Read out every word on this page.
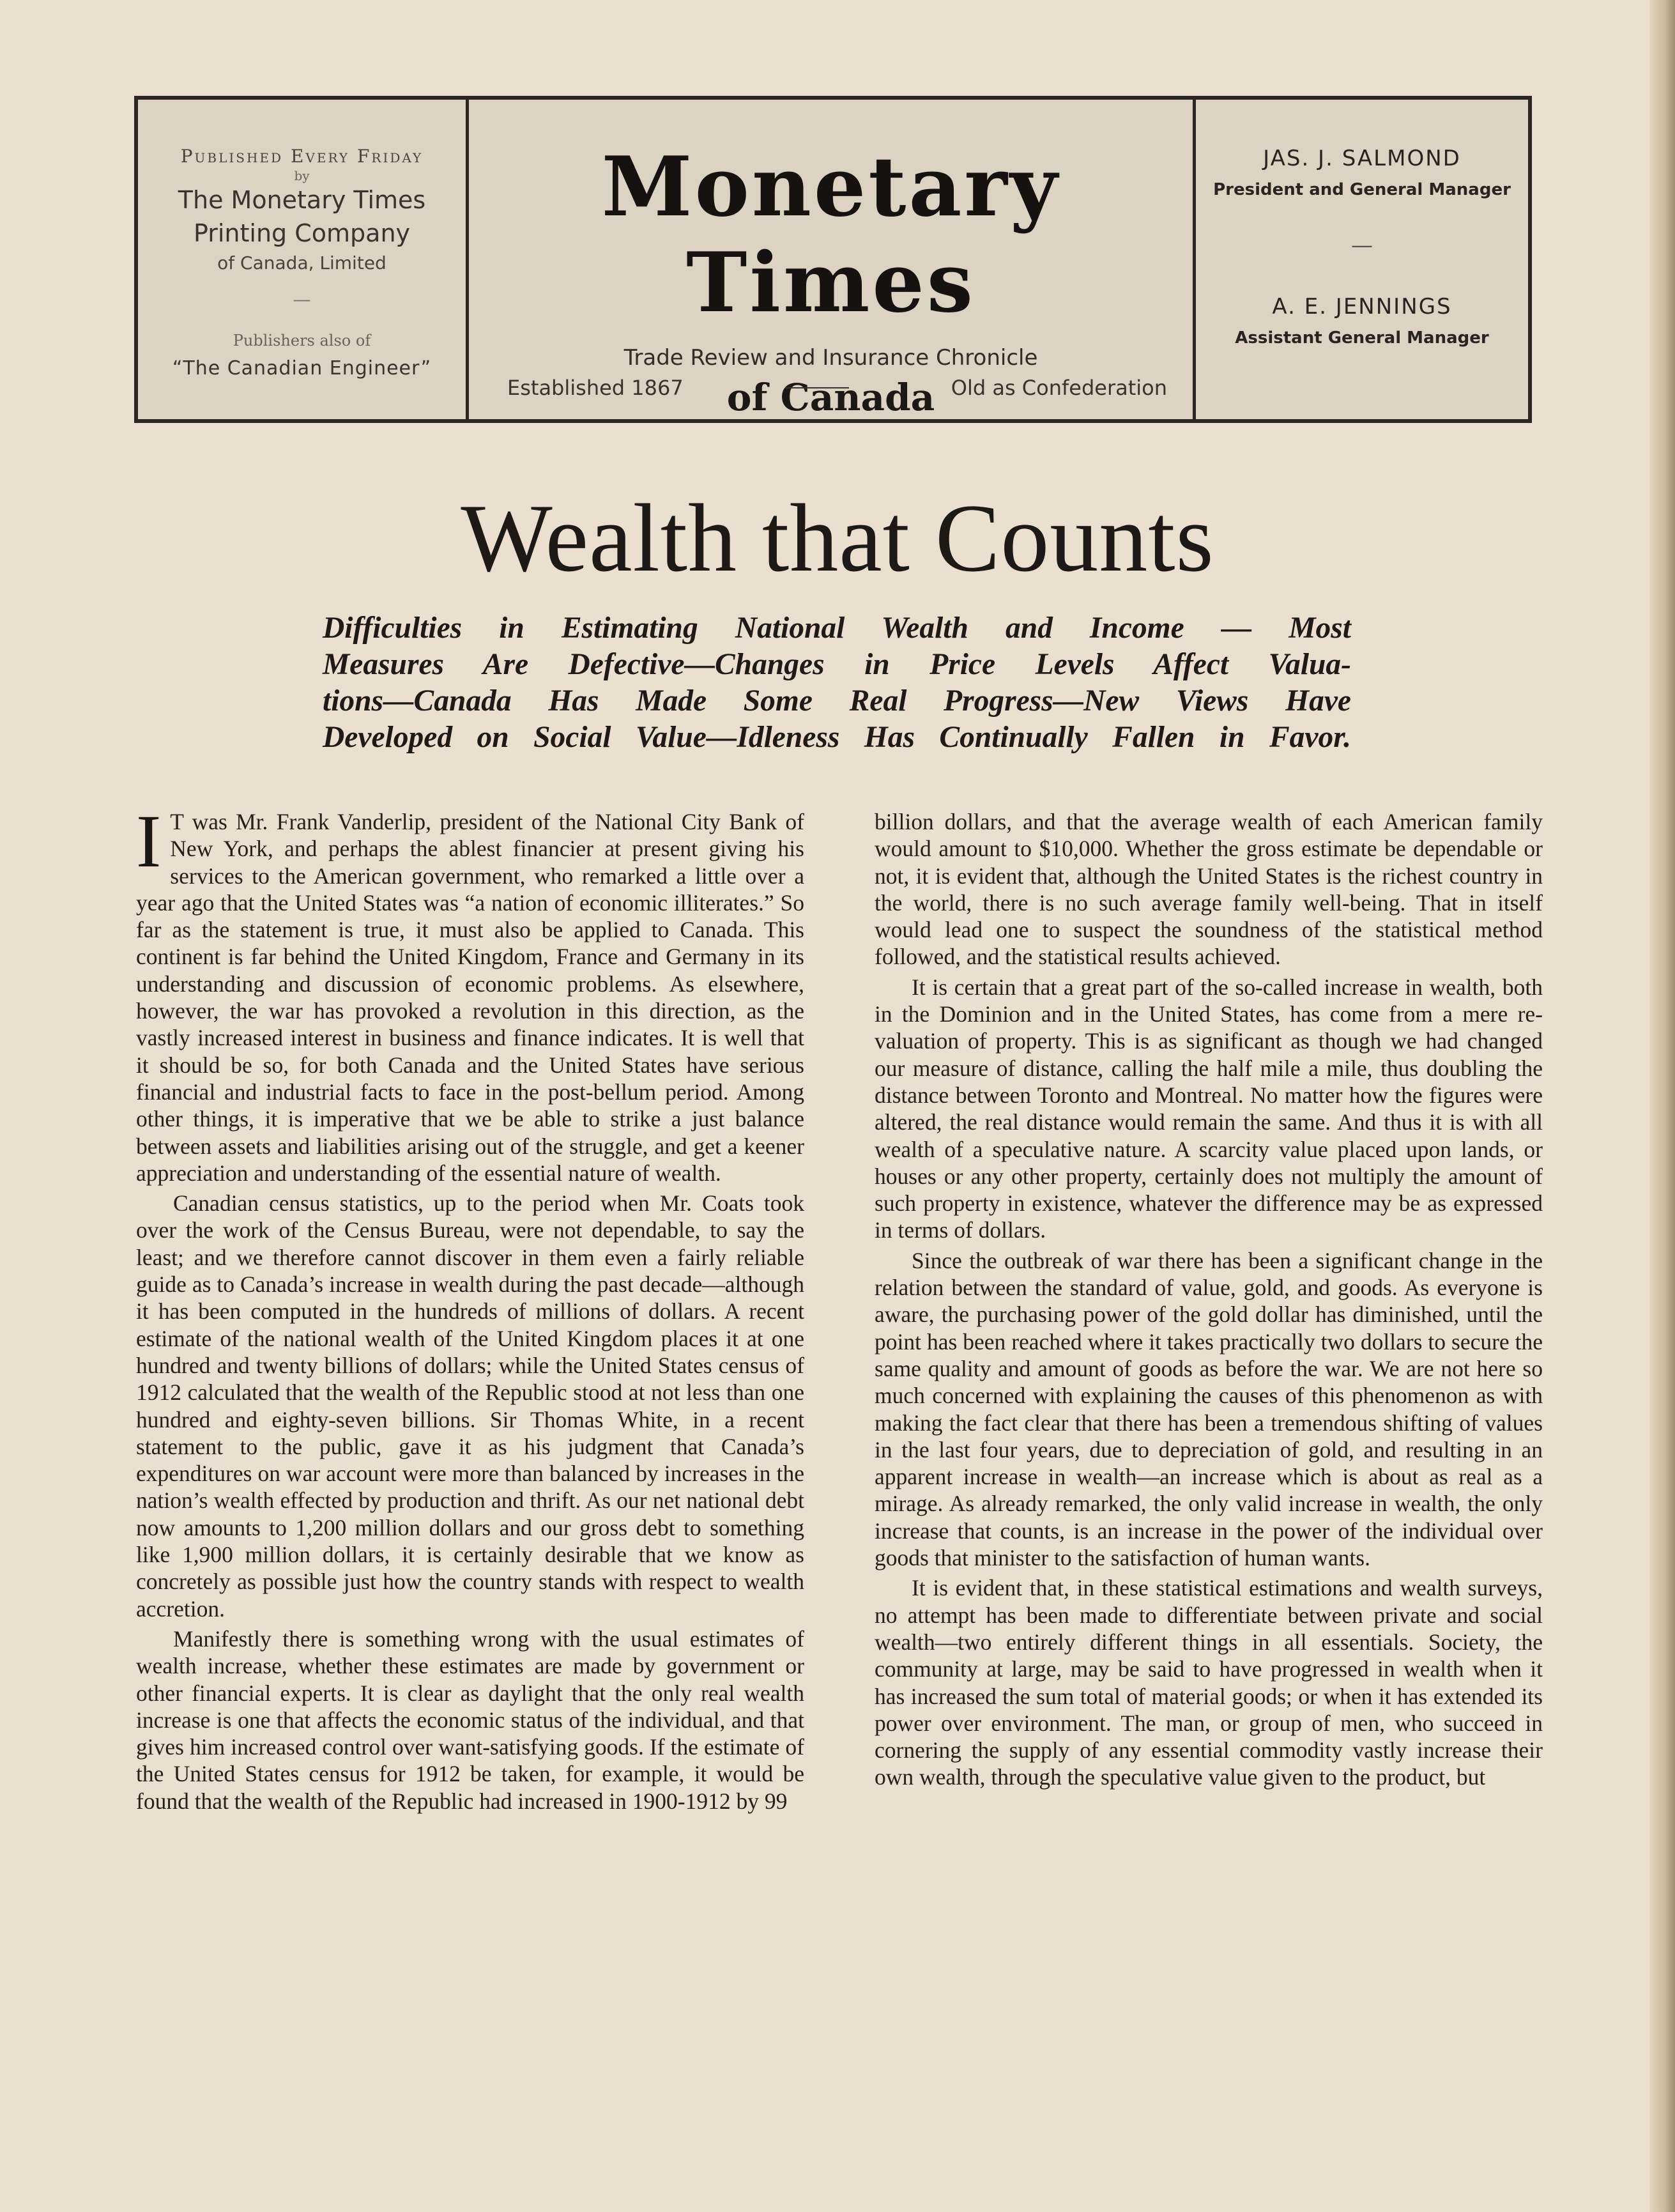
Published Every Friday
by
The Monetary Times
Printing Company
of Canada, Limited
—
Publishers also of
“The Canadian Engineer”
Monetary Times
Trade Review and Insurance Chronicle
of Canada
Established 1867	Old as Confederation
JAS. J. SALMOND
President and General Manager
—
A. E. JENNINGS
Assistant General Manager
Wealth that Counts
Difficulties in Estimating National Wealth and Income — Most
Measures Are Defective—Changes in Price Levels Affect Valua-
tions—Canada Has Made Some Real Progress—New Views Have
Developed on Social Value—Idleness Has Continually Fallen in Favor.

I T was Mr. Frank Vanderlip, president of the National City Bank of New York, and perhaps the ablest financier at present giving his services to the American government, who remarked a little over a year ago that the United States was “a nation of economic illiterates.” So far as the statement is true, it must also be applied to Canada. This continent is far behind the United Kingdom, France and Germany in its understanding and discussion of economic problems. As elsewhere, however, the war has provoked a revolution in this direction, as the vastly increased interest in business and finance indicates. It is well that it should be so, for both Canada and the United States have serious financial and industrial facts to face in the post-bellum period. Among other things, it is imperative that we be able to strike a just balance between assets and liabilities arising out of the struggle, and get a keener appreciation and understanding of the essential nature of wealth.

Canadian census statistics, up to the period when Mr. Coats took over the work of the Census Bureau, were not dependable, to say the least; and we therefore cannot discover in them even a fairly reliable guide as to Canada’s increase in wealth during the past decade—although it has been computed in the hundreds of millions of dollars. A recent estimate of the national wealth of the United Kingdom places it at one hundred and twenty billions of dollars; while the United States census of 1912 calculated that the wealth of the Republic stood at not less than one hundred and eighty-seven billions. Sir Thomas White, in a recent statement to the public, gave it as his judgment that Canada’s expenditures on war account were more than balanced by increases in the nation’s wealth effected by production and thrift. As our net national debt now amounts to 1,200 million dollars and our gross debt to something like 1,900 million dollars, it is certainly desirable that we know as concretely as possible just how the country stands with respect to wealth accretion.

Manifestly there is something wrong with the usual estimates of wealth increase, whether these estimates are made by government or other financial experts. It is clear as daylight that the only real wealth increase is one that affects the economic status of the individual, and that gives him increased control over want-satisfying goods. If the estimate of the United States census for 1912 be taken, for example, it would be found that the wealth of the Republic had increased in 1900-1912 by 99

billion dollars, and that the average wealth of each American family would amount to $10,000. Whether the gross estimate be dependable or not, it is evident that, although the United States is the richest country in the world, there is no such average family well-being. That in itself would lead one to suspect the soundness of the statistical method followed, and the statistical results achieved.

It is certain that a great part of the so-called increase in wealth, both in the Dominion and in the United States, has come from a mere re-valuation of property. This is as significant as though we had changed our measure of distance, calling the half mile a mile, thus doubling the distance between Toronto and Montreal. No matter how the figures were altered, the real distance would remain the same. And thus it is with all wealth of a speculative nature. A scarcity value placed upon lands, or houses or any other property, certainly does not multiply the amount of such property in existence, whatever the difference may be as expressed in terms of dollars.

Since the outbreak of war there has been a significant change in the relation between the standard of value, gold, and goods. As everyone is aware, the purchasing power of the gold dollar has diminished, until the point has been reached where it takes practically two dollars to secure the same quality and amount of goods as before the war. We are not here so much concerned with explaining the causes of this phenomenon as with making the fact clear that there has been a tremendous shifting of values in the last four years, due to depreciation of gold, and resulting in an apparent increase in wealth—an increase which is about as real as a mirage. As already remarked, the only valid increase in wealth, the only increase that counts, is an increase in the power of the individual over goods that minister to the satisfaction of human wants.

It is evident that, in these statistical estimations and wealth surveys, no attempt has been made to differentiate between private and social wealth—two entirely different things in all essentials. Society, the community at large, may be said to have progressed in wealth when it has increased the sum total of material goods; or when it has extended its power over environment. The man, or group of men, who succeed in cornering the supply of any essential commodity vastly increase their own wealth, through the speculative value given to the product, but
